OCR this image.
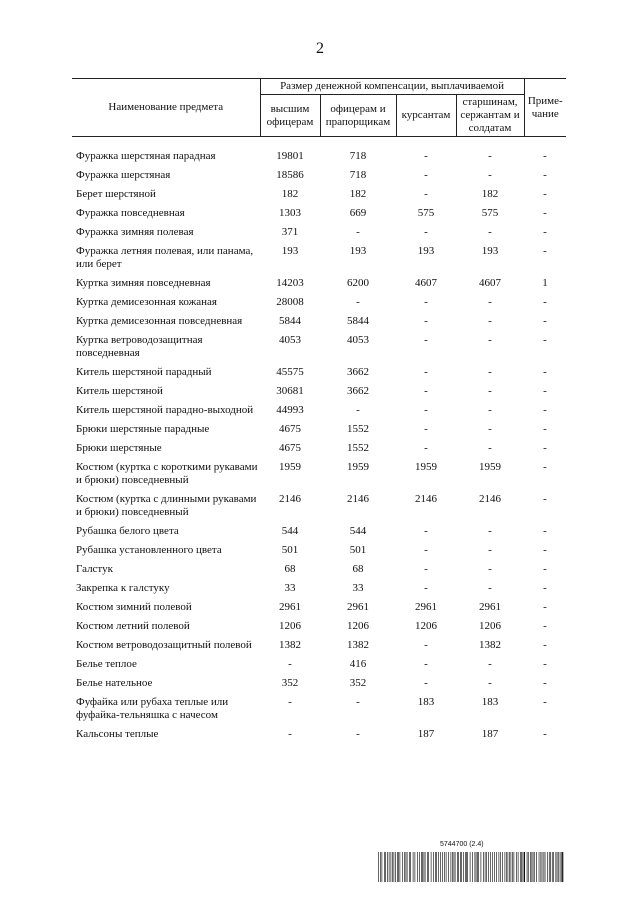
2
Наименование предмета	Размер денежной компенсации, выплачиваемой				Приме- чание
	высшим офицерам	офицерам и прапорщикам	курсантам	старшинам, сержантам и солдатам	

Фуражка шерстяная парадная	19801	718	-	-	-
Фуражка шерстяная	18586	718	-	-	-
Берет шерстяной	182	182	-	182	-
Фуражка повседневная	1303	669	575	575	-
Фуражка зимняя полевая	371	-	-	-	-
Фуражка летняя полевая, или панама, или берет	193	193	193	193	-
Куртка зимняя повседневная	14203	6200	4607	4607	1
Куртка демисезонная кожаная	28008	-	-	-	-
Куртка демисезонная повседневная	5844	5844	-	-	-
Куртка ветроводозащитная повседневная	4053	4053	-	-	-
Китель шерстяной парадный	45575	3662	-	-	-
Китель шерстяной	30681	3662	-	-	-
Китель шерстяной парадно-выходной	44993	-	-	-	-
Брюки шерстяные парадные	4675	1552	-	-	-
Брюки шерстяные	4675	1552	-	-	-
Костюм (куртка с короткими рукавами и брюки) повседневный	1959	1959	1959	1959	-
Костюм (куртка с длинными рукавами и брюки) повседневный	2146	2146	2146	2146	-
Рубашка белого цвета	544	544	-	-	-
Рубашка установленного цвета	501	501	-	-	-
Галстук	68	68	-	-	-
Закрепка к галстуку	33	33	-	-	-
Костюм зимний полевой	2961	2961	2961	2961	-
Костюм летний полевой	1206	1206	1206	1206	-
Костюм ветроводозащитный полевой	1382	1382	-	1382	-
Белье теплое	-	416	-	-	-
Белье нательное	352	352	-	-	-
Фуфайка или рубаха теплые или фуфайка-тельняшка с начесом	-	-	183	183	-
Кальсоны теплые	-	-	187	187	-
5744700 (2.4)
